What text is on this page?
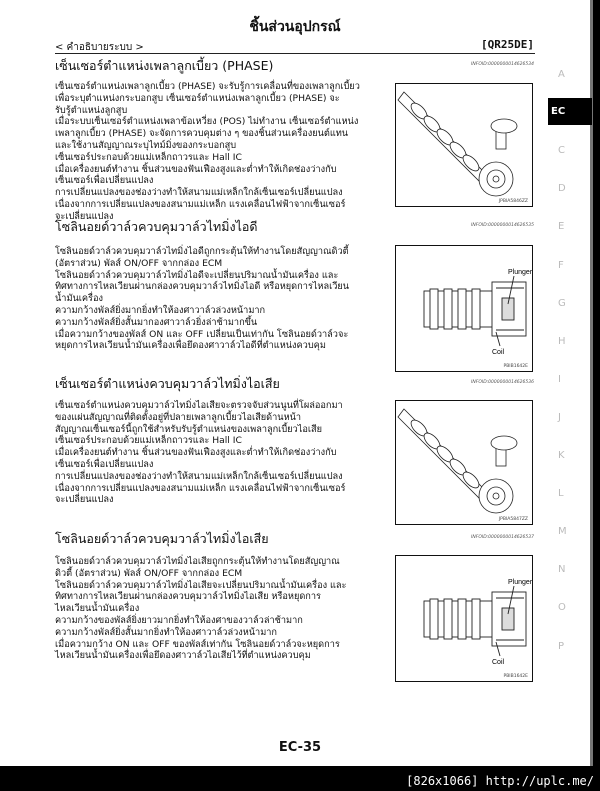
ชิ้นส่วนอุปกรณ์
< คำอธิบายระบบ >	[QR25DE]
เซ็นเซอร์ตำแหน่งเพลาลูกเบี้ยว (PHASE)	INFOID:0000000014626534
เซ็นเซอร์ตำแหน่งเพลาลูกเบี้ยว (PHASE) จะรับรู้การเคลื่อนที่ของเพลาลูกเบี้ยว
เพื่อระบุตำแหน่งกระบอกสูบ เซ็นเซอร์ตำแหน่งเพลาลูกเบี้ยว (PHASE) จะ
รับรู้ตำแหน่งลูกสูบ
เมื่อระบบเซ็นเซอร์ตำแหน่งเพลาข้อเหวี่ยง (POS) ไม่ทำงาน เซ็นเซอร์ตำแหน่ง
เพลาลูกเบี้ยว (PHASE) จะจัดการควบคุมต่าง ๆ ของชิ้นส่วนเครื่องยนต์แทน
และใช้งานสัญญาณระบุไทม์มิ่งของกระบอกสูบ
เซ็นเซอร์ประกอบด้วยแม่เหล็กถาวรและ Hall IC
เมื่อเครื่องยนต์ทำงาน ชิ้นส่วนของฟันเฟืองสูงและต่ำทำให้เกิดช่องว่างกับ
เซ็นเซอร์เพื่อเปลี่ยนแปลง
การเปลี่ยนแปลงของช่องว่างทำให้สนามแม่เหล็กใกล้เซ็นเซอร์เปลี่ยนแปลง
เนื่องจากการเปลี่ยนแปลงของสนามแม่เหล็ก แรงเคลื่อนไฟฟ้าจากเซ็นเซอร์
จะเปลี่ยนแปลง
JPBIA5846ZZ
โซลินอยด์วาล์วควบคุมวาล์วไทมิ่งไอดี	INFOID:0000000014626535
โซลินอยด์วาล์วควบคุมวาล์วไทมิ่งไอดีถูกกระตุ้นให้ทำงานโดยสัญญาณดิวตี้
(อัตราส่วน) พัลส์ ON/OFF จากกล่อง ECM
โซลินอยด์วาล์วควบคุมวาล์วไทมิ่งไอดีจะเปลี่ยนปริมาณน้ำมันเครื่อง และ
ทิศทางการไหลเวียนผ่านกล่องควบคุมวาล์วไทมิ่งไอดี หรือหยุดการไหลเวียน
น้ำมันเครื่อง
ความกว้างพัลส์ยิ่งมากยิ่งทำให้องศาวาล์วล่วงหน้ามาก
ความกว้างพัลส์ยิ่งสั้นมากองศาวาล์วยิ่งล่าช้ามากขึ้น
เมื่อความกว้างของพัลส์ ON และ OFF เปลี่ยนเป็นเท่ากัน โซลินอยด์วาล์วจะ
หยุดการไหลเวียนน้ำมันเครื่องเพื่อยึดองศาวาล์วไอดีที่ตำแหน่งควบคุม
Plunger
Coil
PBIB1642E
เซ็นเซอร์ตำแหน่งควบคุมวาล์วไทมิ่งไอเสีย	INFOID:0000000014626536
เซ็นเซอร์ตำแหน่งควบคุมวาล์วไทมิ่งไอเสียจะตรวจจับส่วนนูนที่โผล่ออกมา
ของแผ่นสัญญาณที่ติดตั้งอยู่ที่ปลายเพลาลูกเบี้ยวไอเสียด้านหน้า
สัญญาณเซ็นเซอร์นี้ถูกใช้สำหรับรับรู้ตำแหน่งของเพลาลูกเบี้ยวไอเสีย
เซ็นเซอร์ประกอบด้วยแม่เหล็กถาวรและ Hall IC
เมื่อเครื่องยนต์ทำงาน ชิ้นส่วนของฟันเฟืองสูงและต่ำทำให้เกิดช่องว่างกับ
เซ็นเซอร์เพื่อเปลี่ยนแปลง
การเปลี่ยนแปลงของช่องว่างทำให้สนามแม่เหล็กใกล้เซ็นเซอร์เปลี่ยนแปลง
เนื่องจากการเปลี่ยนแปลงของสนามแม่เหล็ก แรงเคลื่อนไฟฟ้าจากเซ็นเซอร์
จะเปลี่ยนแปลง
JPBIA5847ZZ
โซลินอยด์วาล์วควบคุมวาล์วไทมิ่งไอเสีย	INFOID:0000000014626537
โซลินอยด์วาล์วควบคุมวาล์วไทมิ่งไอเสียถูกกระตุ้นให้ทำงานโดยสัญญาณ
ดิวตี้ (อัตราส่วน) พัลส์ ON/OFF จากกล่อง ECM
โซลินอยด์วาล์วควบคุมวาล์วไทมิ่งไอเสียจะเปลี่ยนปริมาณน้ำมันเครื่อง และ
ทิศทางการไหลเวียนผ่านกล่องควบคุมวาล์วไทมิ่งไอเสีย หรือหยุดการ
ไหลเวียนน้ำมันเครื่อง
ความกว้างของพัลส์ยิ่งยาวมากยิ่งทำให้องศาของวาล์วล่าช้ามาก
ความกว้างพัลส์ยิ่งสั้นมากยิ่งทำให้องศาวาล์วล่วงหน้ามาก
เมื่อความกว้าง ON และ OFF ของพัลส์เท่ากัน โซลินอยด์วาล์วจะหยุดการ
ไหลเวียนน้ำมันเครื่องเพื่อยึดองศาวาล์วไอเสียไว้ที่ตำแหน่งควบคุม
Plunger
Coil
PBIB1642E
A
EC
C
D
E
F
G
H
I
J
K
L
M
N
O
P
EC-35
[826x1066] http://uplc.me/
